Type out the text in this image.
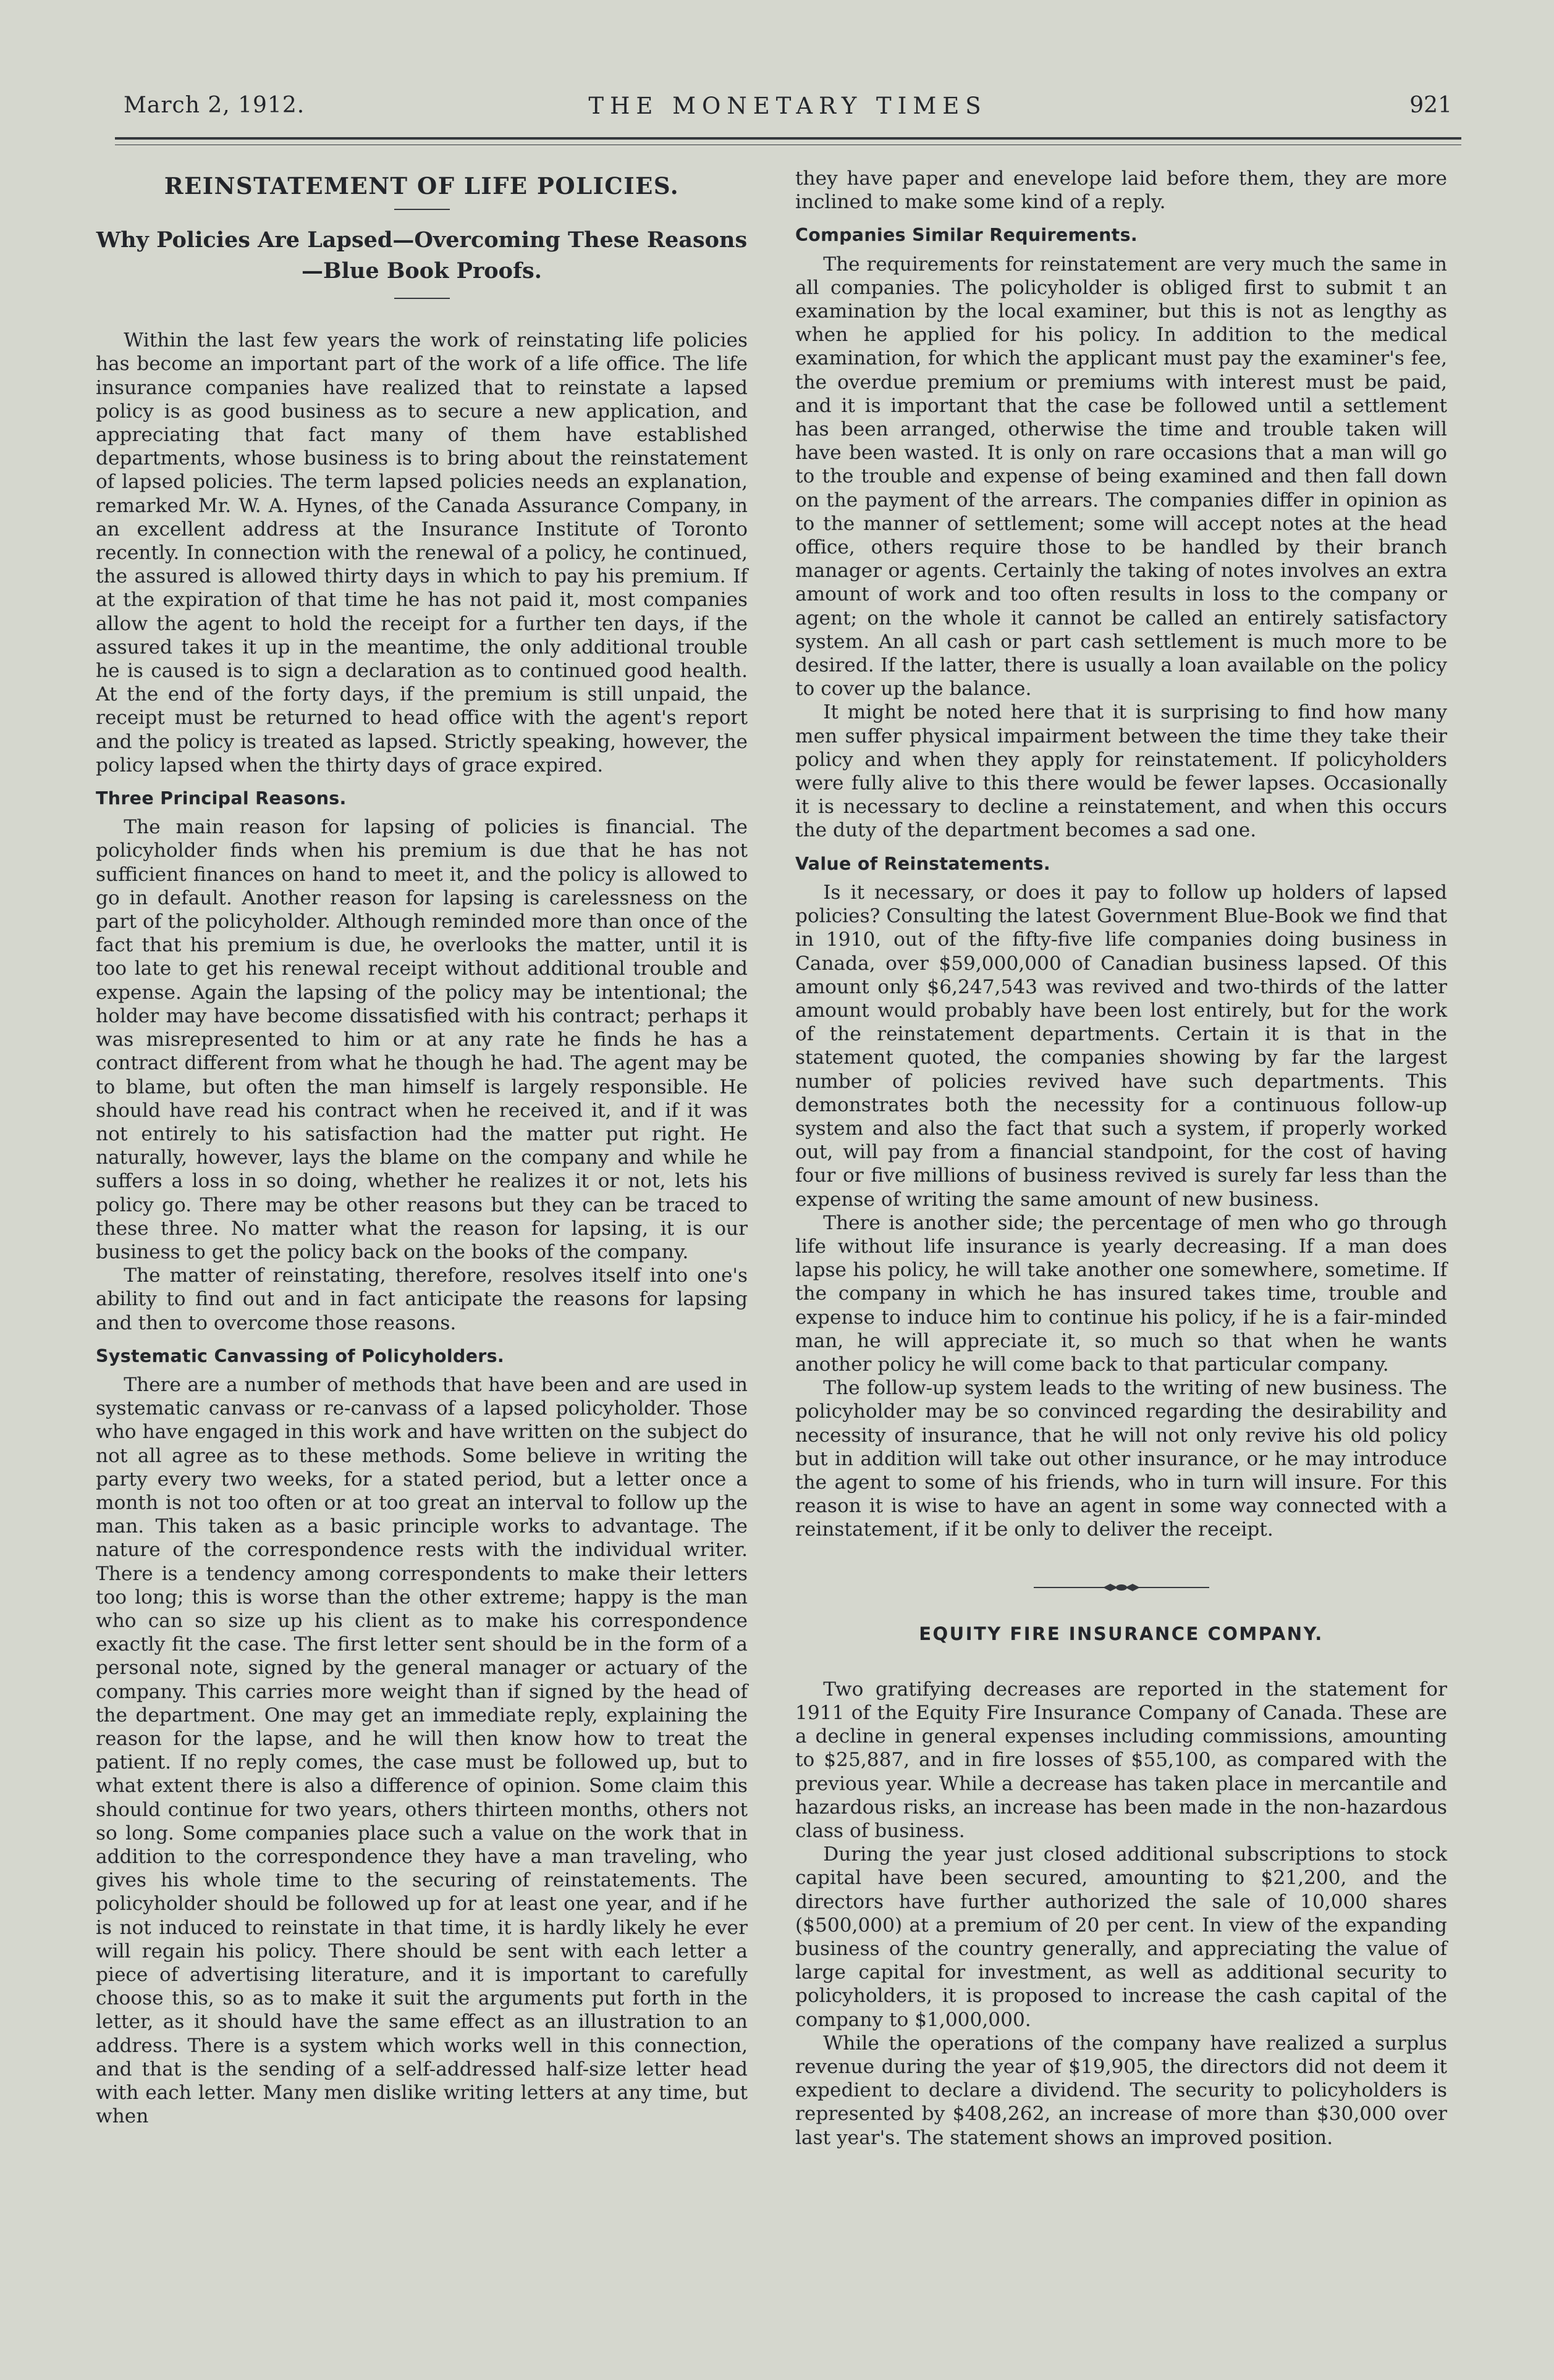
March 2, 1912.	THE MONETARY TIMES	921
REINSTATEMENT OF LIFE POLICIES.
Why Policies Are Lapsed—Overcoming These Reasons —Blue Book Proofs.

Within the last few years the work of reinstating life policies has become an important part of the work of a life office. The life insurance companies have realized that to reinstate a lapsed policy is as good business as to secure a new application, and appreciating that fact many of them have established departments, whose business is to bring about the reinstatement of lapsed policies. The term lapsed policies needs an explanation, remarked Mr. W. A. Hynes, of the Canada Assurance Company, in an excellent address at the Insurance Institute of Toronto recently. In connection with the renewal of a policy, he continued, the assured is allowed thirty days in which to pay his premium. If at the expiration of that time he has not paid it, most companies allow the agent to hold the receipt for a further ten days, if the assured takes it up in the meantime, the only additional trouble he is caused is to sign a declaration as to continued good health. At the end of the forty days, if the premium is still unpaid, the receipt must be returned to head office with the agent's report and the policy is treated as lapsed. Strictly speaking, however, the policy lapsed when the thirty days of grace expired.

Three Principal Reasons.

The main reason for lapsing of policies is financial. The policyholder finds when his premium is due that he has not sufficient finances on hand to meet it, and the policy is allowed to go in default. Another reason for lapsing is carelessness on the part of the policyholder. Although reminded more than once of the fact that his premium is due, he overlooks the matter, until it is too late to get his renewal receipt without additional trouble and expense. Again the lapsing of the policy may be intentional; the holder may have become dissatisfied with his contract; perhaps it was misrepresented to him or at any rate he finds he has a contract different from what he though he had. The agent may be to blame, but often the man himself is largely responsible. He should have read his contract when he received it, and if it was not entirely to his satisfaction had the matter put right. He naturally, however, lays the blame on the company and while he suffers a loss in so doing, whether he realizes it or not, lets his policy go. There may be other reasons but they can be traced to these three. No matter what the reason for lapsing, it is our business to get the policy back on the books of the company.

The matter of reinstating, therefore, resolves itself into one's ability to find out and in fact anticipate the reasons for lapsing and then to overcome those reasons.

Systematic Canvassing of Policyholders.

There are a number of methods that have been and are used in systematic canvass or re-canvass of a lapsed policyholder. Those who have engaged in this work and have written on the subject do not all agree as to these methods. Some believe in writing the party every two weeks, for a stated period, but a letter once a month is not too often or at too great an interval to follow up the man. This taken as a basic principle works to advantage. The nature of the correspondence rests with the individual writer. There is a tendency among correspondents to make their letters too long; this is worse than the other extreme; happy is the man who can so size up his client as to make his correspondence exactly fit the case. The first letter sent should be in the form of a personal note, signed by the general manager or actuary of the company. This carries more weight than if signed by the head of the department. One may get an immediate reply, explaining the reason for the lapse, and he will then know how to treat the patient. If no reply comes, the case must be followed up, but to what extent there is also a difference of opinion. Some claim this should continue for two years, others thirteen months, others not so long. Some companies place such a value on the work that in addition to the correspondence they have a man traveling, who gives his whole time to the securing of reinstatements. The policyholder should be followed up for at least one year, and if he is not induced to reinstate in that time, it is hardly likely he ever will regain his policy. There should be sent with each letter a piece of advertising literature, and it is important to carefully choose this, so as to make it suit the arguments put forth in the letter, as it should have the same effect as an illustration to an address. There is a system which works well in this connection, and that is the sending of a self-addressed half-size letter head with each letter. Many men dislike writing letters at any time, but when

they have paper and enevelope laid before them, they are more inclined to make some kind of a reply.

Companies Similar Requirements.

The requirements for reinstatement are very much the same in all companies. The policyholder is obliged first to submit t an examination by the local examiner, but this is not as lengthy as when he applied for his policy. In addition to the medical examination, for which the applicant must pay the examiner's fee, the overdue premium or premiums with interest must be paid, and it is important that the case be followed until a settlement has been arranged, otherwise the time and trouble taken will have been wasted. It is only on rare occasions that a man will go to the trouble and expense of being examined and then fall down on the payment of the arrears. The companies differ in opinion as to the manner of settlement; some will accept notes at the head office, others require those to be handled by their branch manager or agents. Certainly the taking of notes involves an extra amount of work and too often results in loss to the company or agent; on the whole it cannot be called an entirely satisfactory system. An all cash or part cash settlement is much more to be desired. If the latter, there is usually a loan available on the policy to cover up the balance.

It might be noted here that it is surprising to find how many men suffer physical impairment between the time they take their policy and when they apply for reinstatement. If policyholders were fully alive to this there would be fewer lapses. Occasionally it is necessary to decline a reinstatement, and when this occurs the duty of the department becomes a sad one.

Value of Reinstatements.

Is it necessary, or does it pay to follow up holders of lapsed policies? Consulting the latest Government Blue-Book we find that in 1910, out of the fifty-five life companies doing business in Canada, over $59,000,000 of Canadian business lapsed. Of this amount only $6,247,543 was revived and two-thirds of the latter amount would probably have been lost entirely, but for the work of the reinstatement departments. Certain it is that in the statement quoted, the companies showing by far the largest number of policies revived have such departments. This demonstrates both the necessity for a continuous follow-up system and also the fact that such a system, if properly worked out, will pay from a financial standpoint, for the cost of having four or five millions of business revived is surely far less than the expense of writing the same amount of new business.

There is another side; the percentage of men who go through life without life insurance is yearly decreasing. If a man does lapse his policy, he will take another one somewhere, sometime. If the company in which he has insured takes time, trouble and expense to induce him to continue his policy, if he is a fair-minded man, he will appreciate it, so much so that when he wants another policy he will come back to that particular company.

The follow-up system leads to the writing of new business. The policyholder may be so convinced regarding the desirability and necessity of insurance, that he will not only revive his old policy but in addition will take out other insurance, or he may introduce the agent to some of his friends, who in turn will insure. For this reason it is wise to have an agent in some way connected with a reinstatement, if it be only to deliver the receipt.

EQUITY FIRE INSURANCE COMPANY.

Two gratifying decreases are reported in the statement for 1911 of the Equity Fire Insurance Company of Canada. These are a decline in general expenses including commissions, amounting to $25,887, and in fire losses of $55,100, as compared with the previous year. While a decrease has taken place in mercantile and hazardous risks, an increase has been made in the non-hazardous class of business.

During the year just closed additional subscriptions to stock capital have been secured, amounting to $21,200, and the directors have further authorized the sale of 10,000 shares ($500,000) at a premium of 20 per cent. In view of the expanding business of the country generally, and appreciating the value of large capital for investment, as well as additional security to policyholders, it is proposed to increase the cash capital of the company to $1,000,000.

While the operations of the company have realized a surplus revenue during the year of $19,905, the directors did not deem it expedient to declare a dividend. The security to policyholders is represented by $408,262, an increase of more than $30,000 over last year's. The statement shows an improved position.
